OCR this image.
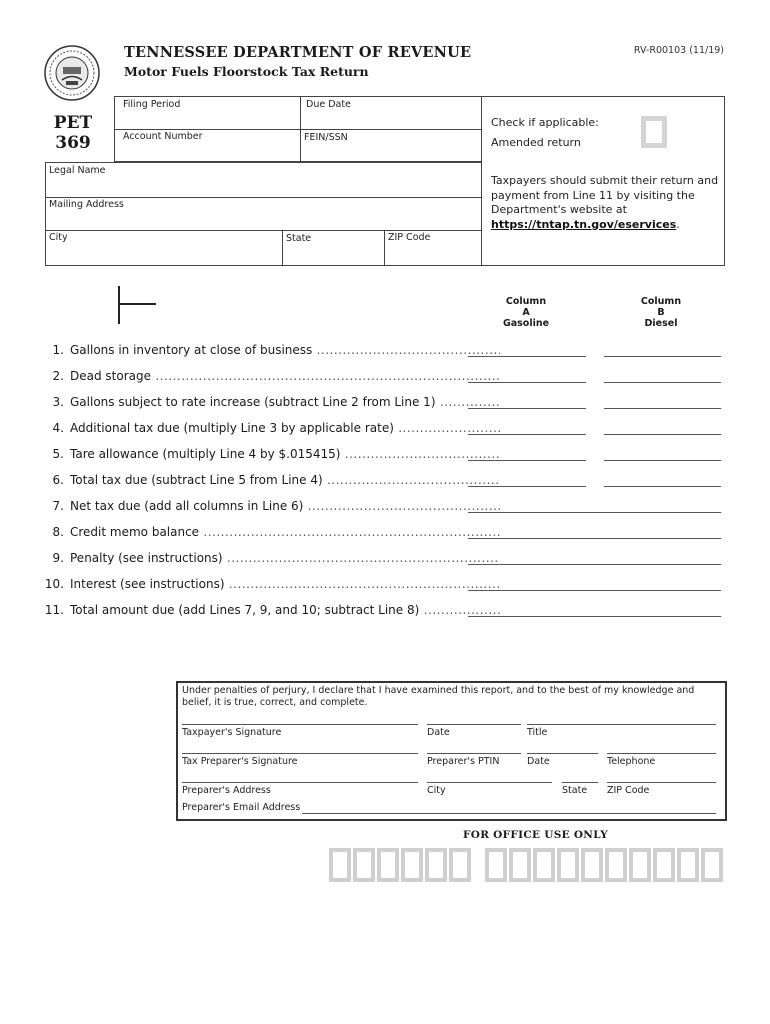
TENNESSEE DEPARTMENT OF REVENUE
Motor Fuels Floorstock Tax Return
RV-R00103 (11/19)
PET
369
Filing Period	Due Date
Account Number	FEIN/SSN
Legal Name
Mailing Address
City	State	ZIP Code
Check if applicable:
Amended return
Taxpayers should submit their return and payment from Line 11 by visiting the Department's website at https://tntap.tn.gov/eservices.
Column
A
Gasoline
Column
B
Diesel
1. Gallons in inventory at close of business .....
2. Dead storage .....
3. Gallons subject to rate increase (subtract Line 2 from Line 1) .....
4. Additional tax due (multiply Line 3 by applicable rate) .....
5. Tare allowance (multiply Line 4 by $.015415) .....
6. Total tax due (subtract Line 5 from Line 4) .....
7. Net tax due (add all columns in Line 6) .....
8. Credit memo balance .....
9. Penalty (see instructions) .....
10. Interest (see instructions) .....
11. Total amount due (add Lines 7, 9, and 10; subtract Line 8) .....
Under penalties of perjury, I declare that I have examined this report, and to the best of my knowledge and belief, it is true, correct, and complete.
Taxpayer's Signature	Date	Title
Tax Preparer's Signature	Preparer's PTIN	Date	Telephone
Preparer's Address	City	State ZIP Code
Preparer's Email Address
FOR OFFICE USE ONLY
